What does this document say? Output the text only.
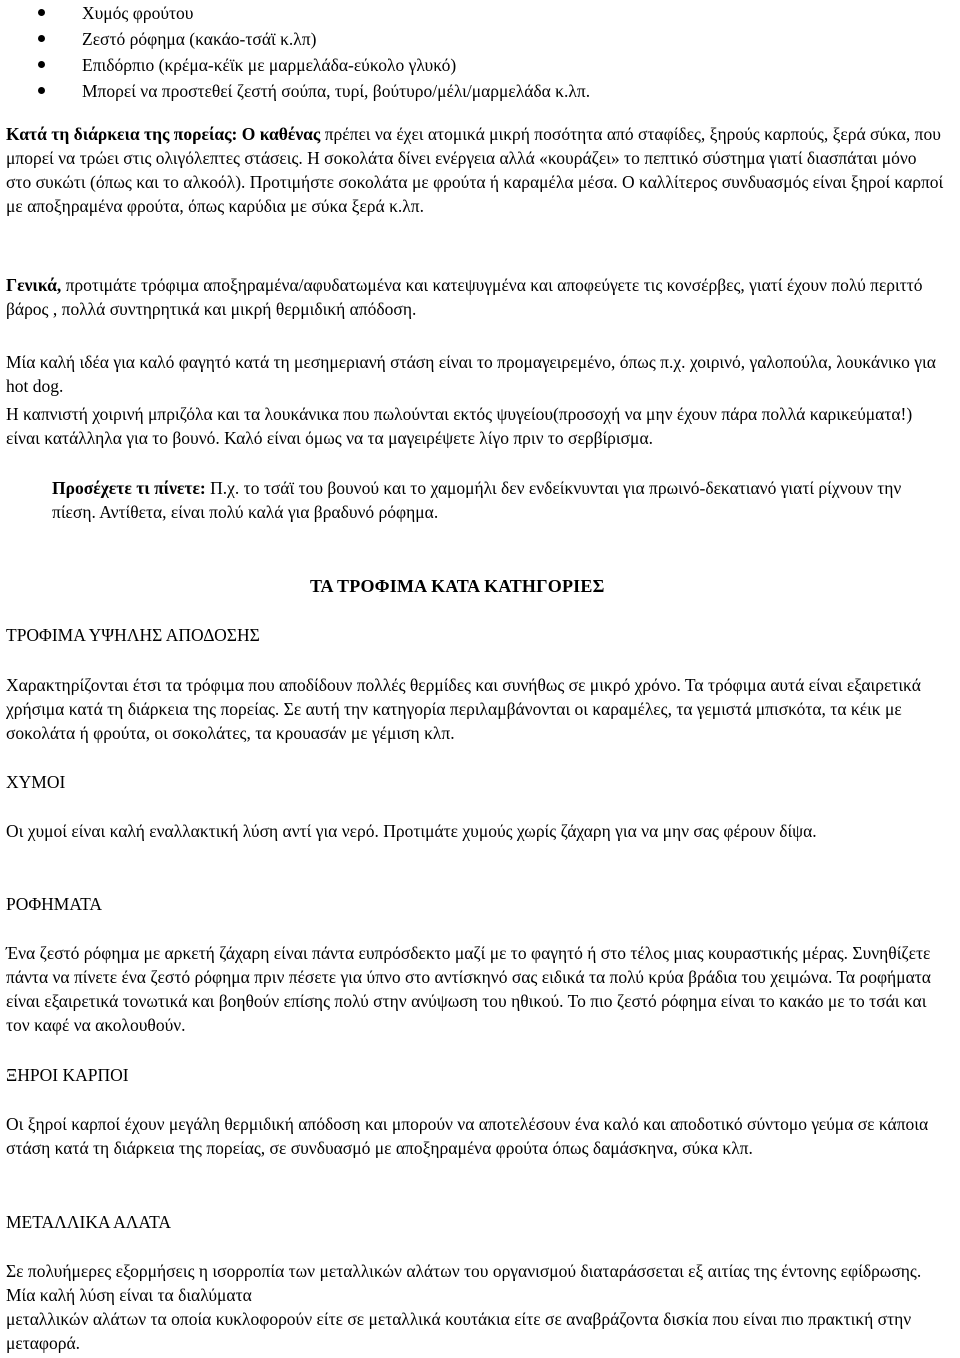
Χυμός φρούτου
Ζεστό ρόφημα (κακάο-τσάϊ κ.λπ)
Επιδόρπιο (κρέμα-κέϊκ με μαρμελάδα-εύκολο γλυκό)
Μπορεί να προστεθεί ζεστή σούπα, τυρί, βούτυρο/μέλι/μαρμελάδα κ.λπ.

Κατά τη διάρκεια της πορείας: Ο καθένας πρέπει να έχει ατομικά μικρή ποσότητα από σταφίδες, ξηρούς καρπούς, ξερά σύκα, που μπορεί να τρώει στις ολιγόλεπτες στάσεις. Η σοκολάτα δίνει ενέργεια αλλά «κουράζει» το πεπτικό σύστημα γιατί διασπάται μόνο στο συκώτι (όπως και το αλκοόλ). Προτιμήστε σοκολάτα με φρούτα ή καραμέλα μέσα. Ο καλλίτερος συνδυασμός είναι ξηροί καρποί με αποξηραμένα φρούτα, όπως καρύδια με σύκα ξερά κ.λπ.

Γενικά, προτιμάτε τρόφιμα αποξηραμένα/αφυδατωμένα και κατεψυγμένα και αποφεύγετε τις κονσέρβες, γιατί έχουν πολύ περιττό βάρος , πολλά συντηρητικά και μικρή θερμιδική απόδοση.

Μία καλή ιδέα για καλό φαγητό κατά τη μεσημεριανή στάση είναι το προμαγειρεμένο, όπως π.χ. χοιρινό, γαλοπούλα, λουκάνικο για hot dog.

Η καπνιστή χοιρινή μπριζόλα και τα λουκάνικα που πωλούνται εκτός ψυγείου(προσοχή να μην έχουν πάρα πολλά καρικεύματα!) είναι κατάλληλα για το βουνό. Καλό είναι όμως να τα μαγειρέψετε λίγο πριν το σερβίρισμα.

Προσέχετε τι πίνετε: Π.χ. το τσάϊ του βουνού και το χαμομήλι δεν ενδείκνυνται για πρωινό-δεκατιανό γιατί ρίχνουν την πίεση. Αντίθετα, είναι πολύ καλά για βραδυνό ρόφημα.

ΤΑ ΤΡΟΦΙΜΑ ΚΑΤΑ ΚΑΤΗΓΟΡΙΕΣ
ΤΡΟΦΙΜΑ ΥΨΗΛΗΣ ΑΠΟΔΟΣΗΣ

Χαρακτηρίζονται έτσι τα τρόφιμα που αποδίδουν πολλές θερμίδες και συνήθως σε μικρό χρόνο. Τα τρόφιμα αυτά είναι εξαιρετικά χρήσιμα κατά τη διάρκεια της πορείας. Σε αυτή την κατηγορία περιλαμβάνονται οι καραμέλες, τα γεμιστά μπισκότα, τα κέικ με σοκολάτα ή φρούτα, οι σοκολάτες, τα κρουασάν με γέμιση κλπ.

ΧΥΜΟΙ

Οι χυμοί είναι καλή εναλλακτική λύση αντί για νερό. Προτιμάτε χυμούς χωρίς ζάχαρη για να μην σας φέρουν δίψα.

ΡΟΦΗΜΑΤΑ

Ένα ζεστό ρόφημα με αρκετή ζάχαρη είναι πάντα ευπρόσδεκτο μαζί με το φαγητό ή στο τέλος μιας κουραστικής μέρας. Συνηθίζετε πάντα να πίνετε ένα ζεστό ρόφημα πριν πέσετε για ύπνο στο αντίσκηνό σας ειδικά τα πολύ κρύα βράδια του χειμώνα. Τα ροφήματα είναι εξαιρετικά τονωτικά και βοηθούν επίσης πολύ στην ανύψωση του ηθικού. Το πιο ζεστό ρόφημα είναι το κακάο με το τσάι και τον καφέ να ακολουθούν.

ΞΗΡΟΙ ΚΑΡΠΟΙ

Οι ξηροί καρποί έχουν μεγάλη θερμιδική απόδοση και μπορούν να αποτελέσουν ένα καλό και αποδοτικό σύντομο γεύμα σε κάποια στάση κατά τη διάρκεια της πορείας, σε συνδυασμό με αποξηραμένα φρούτα όπως δαμάσκηνα, σύκα κλπ.

ΜΕΤΑΛΛΙΚΑ ΑΛΑΤΑ

Σε πολυήμερες εξορμήσεις η ισορροπία των μεταλλικών αλάτων του οργανισμού διαταράσσεται εξ αιτίας της έντονης εφίδρωσης. Μία καλή λύση είναι τα διαλύματα
μεταλλικών αλάτων τα οποία κυκλοφορούν είτε σε μεταλλικά κουτάκια είτε σε αναβράζοντα δισκία που είναι πιο πρακτική στην μεταφορά.
